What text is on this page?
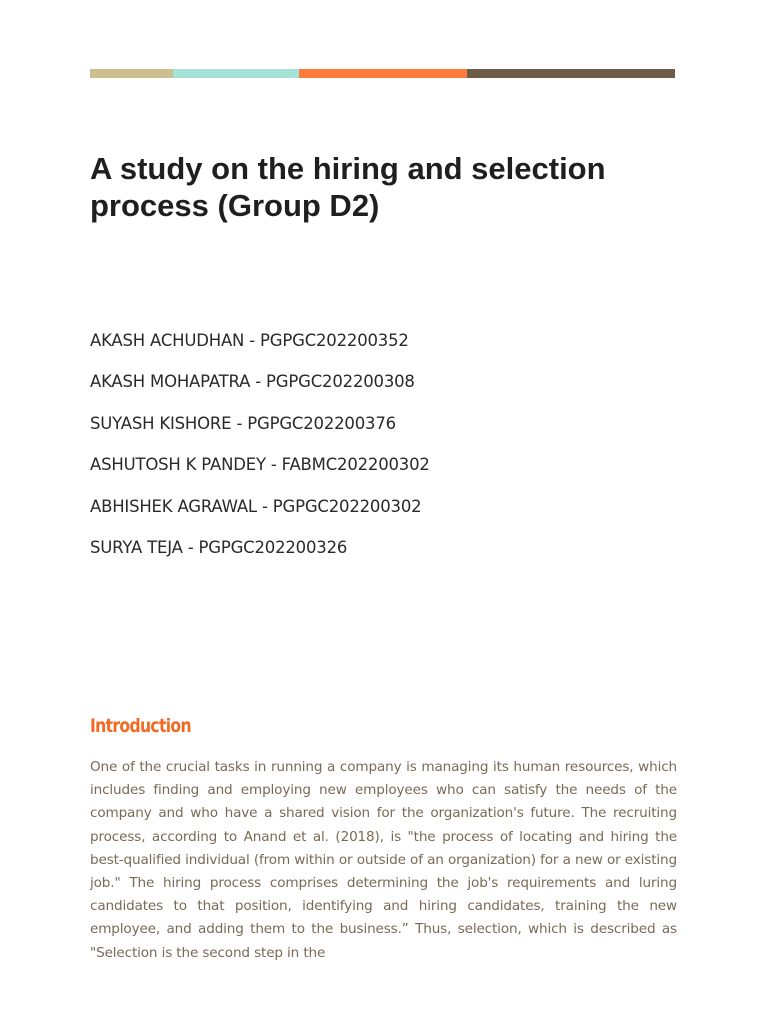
A study on the hiring and selection process (Group D2)
AKASH ACHUDHAN - PGPGC202200352
AKASH MOHAPATRA - PGPGC202200308
SUYASH KISHORE - PGPGC202200376
ASHUTOSH K PANDEY - FABMC202200302
ABHISHEK AGRAWAL - PGPGC202200302
SURYA TEJA - PGPGC202200326
Introduction

One of the crucial tasks in running a company is managing its human resources, which includes finding and employing new employees who can satisfy the needs of the company and who have a shared vision for the organization's future. The recruiting process, according to Anand et al. (2018), is "the process of locating and hiring the best-qualified individual (from within or outside of an organization) for a new or existing job." The hiring process comprises determining the job's requirements and luring candidates to that position, identifying and hiring candidates, training the new employee, and adding them to the business.” Thus, selection, which is described as "Selection is the second step in the
